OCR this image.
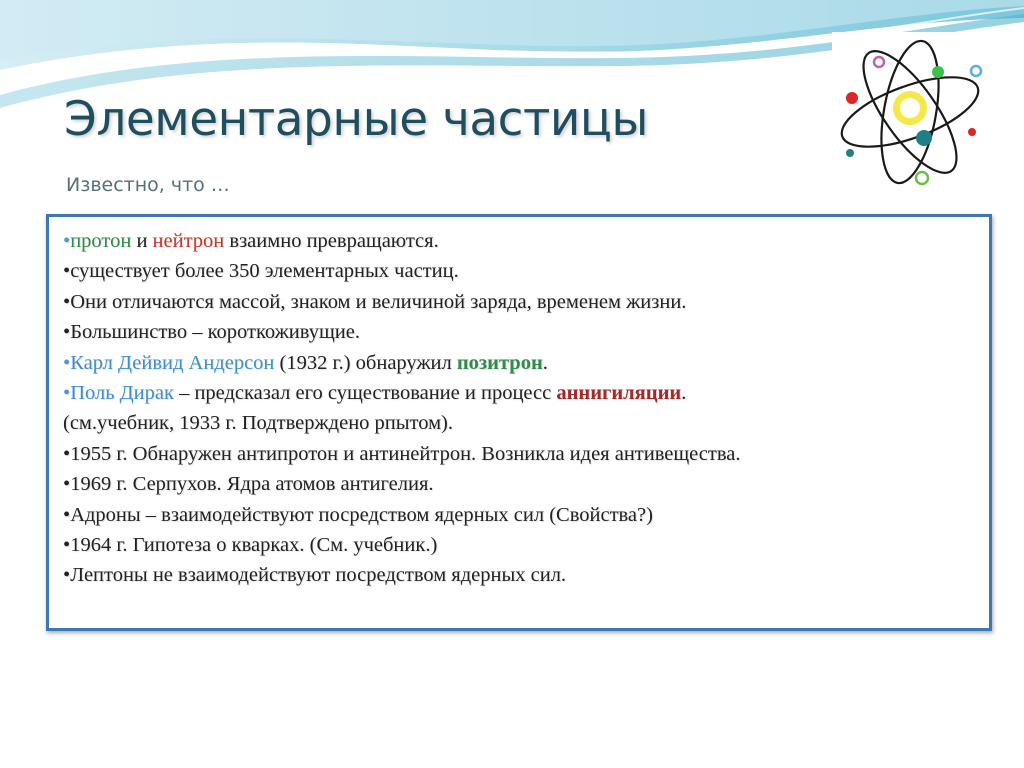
Элементарные частицы

Известно, что …

•протон и нейтрон взаимно превращаются.
•существует более 350 элементарных частиц.
•Они отличаются массой, знаком и величиной заряда, временем жизни.
•Большинство – короткоживущие.
•Карл Дейвид Андерсон (1932 г.) обнаружил позитрон.
•Поль Дирак – предсказал его существование и процесс аннигиляции.
(см.учебник, 1933 г. Подтверждено рпытом).
•1955 г. Обнаружен антипротон и антинейтрон. Возникла идея антивещества.
•1969 г. Серпухов. Ядра атомов антигелия.
•Адроны – взаимодействуют посредством ядерных сил (Свойства?)
•1964 г. Гипотеза о кварках. (См. учебник.)
•Лептоны не взаимодействуют посредством ядерных сил.
